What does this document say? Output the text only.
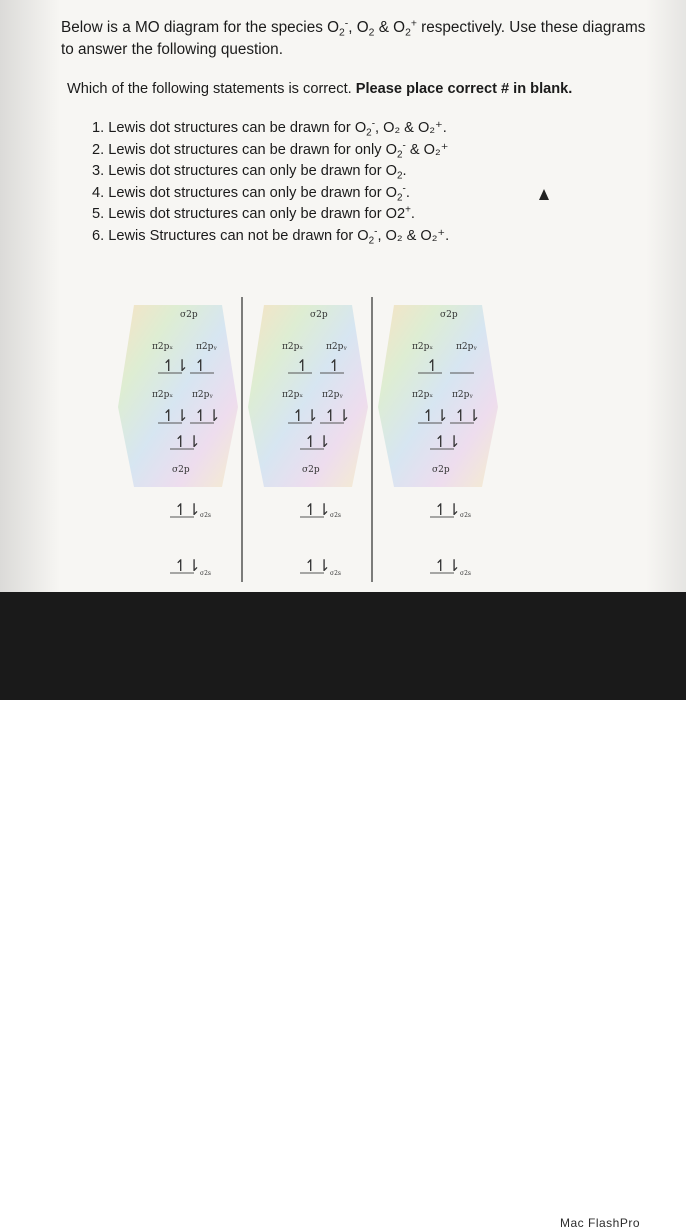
Below is a MO diagram for the species $O_2^-$, $O_2$ & $O_2^+$ respectively. Use these diagrams to answer the following question.
Which of the following statements is correct. Please place correct # in blank.
1. Lewis dot structures can be drawn for $O_2^-$, O₂ & O₂⁺.
2. Lewis dot structures can be drawn for only $O_2^-$ & O₂⁺
3. Lewis dot structures can only be drawn for $O_2$.
4. Lewis dot structures can only be drawn for $O_2^-$.
5. Lewis dot structures can only be drawn for O2+.
6. Lewis Structures can not be drawn for $O_2^-$, O₂ & O₂⁺.
σ2p
π2pₓ	π2pᵧ
↿⇂ ↿
π2pₓ π2pᵧ
↿⇂ ↿⇂
↿⇂
σ2p
↿⇂ σ2s
↿⇂ σ2s
σ2p
π2pₓ	π2pᵧ
↿ ↿
π2pₓ π2pᵧ
↿⇂ ↿⇂
↿⇂
σ2p
↿⇂ σ2s
↿⇂ σ2s
σ2p
π2pₓ	π2pᵧ
↿
π2pₓ π2pᵧ
↿⇂ ↿⇂
↿⇂
σ2p
↿⇂ σ2s
↿⇂ σ2s
Mac FlashPro
